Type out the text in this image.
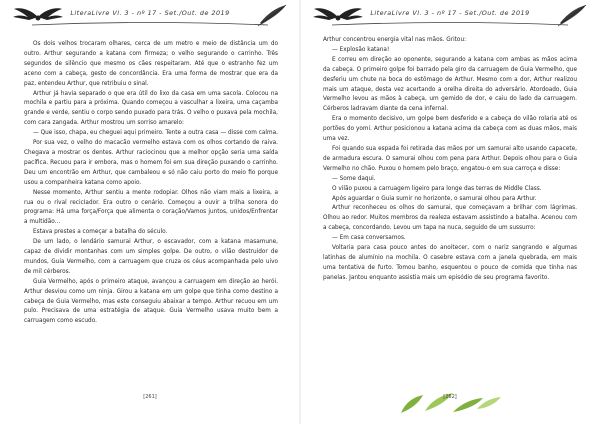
LiteraLivre Vl. 3 - nº 17 - Set./Out. de 2019

Os dois velhos trocaram olhares, cerca de um metro e meio de distância um do outro. Arthur segurando a katana com firmeza; o velho segurando o carrinho. Três segundos de silêncio que mesmo os cães respeitaram. Até que o estranho fez um aceno com a cabeça, gesto de concordância. Era uma forma de mostrar que era da paz, entendeu Arthur, que retribuiu o sinal.

Arthur já havia separado o que era útil do lixo da casa em uma sacola. Colocou na mochila e partiu para a próxima. Quando começou a vasculhar a lixeira, uma caçamba grande e verde, sentiu o corpo sendo puxado para trás. O velho o puxava pela mochila, com cara zangada. Arthur mostrou um sorriso amarelo:

— Que isso, chapa, eu cheguei aqui primeiro. Tente a outra casa — disse com calma.

Por sua vez, o velho do macacão vermelho estava com os olhos cortando de raiva. Chegava a mostrar os dentes. Arthur raciocinou que a melhor opção seria uma saída pacífica. Recuou para ir embora, mas o homem foi em sua direção puxando o carrinho. Deu um encontrão em Arthur, que cambaleou e só não caiu porto do meio fio porque usou a companheira katana como apoio.

Nesse momento, Arthur sentiu a mente rodopiar. Olhos não viam mais a lixeira, a rua ou o rival recicIador. Era outro o cenário. Começou a ouvir a trilha sonora do programa: Há uma força/Força que alimenta o coração/Vamos juntos, unidos/Enfrentar a multidão…

Estava prestes a começar a batalha do século.

De um lado, o lendário samurai Arthur, o escavador, com a katana masamune, capaz de dividir montanhas com um simples golpe. De outro, o vilão destruidor de mundos, Guia Vermelho, com a carruagem que cruza os céus acompanhada pelo uivo de mil cérberos.

Guia Vermelho, após o primeiro ataque, avançou a carruagem em direção ao herói. Arthur desviou como um ninja. Girou a katana em um golpe que tinha como destino a cabeça de Guia Vermelho, mas este conseguiu abaixar a tempo. Arthur recuou em um pulo. Precisava de uma estratégia de ataque. Guia Vermelho usava muito bem a carruagem como escudo.

[261]
LiteraLivre Vl. 3 - nº 17 - Set./Out. de 2019

Arthur concentrou energia vital nas mãos. Gritou:

— Explosão katana!

E correu em direção ao oponente, segurando a katana com ambas as mãos acima da cabeça. O primeiro golpe foi barrado pela giro da carruagem de Guia Vermelho, que desferiu um chute na boca do estômago de Arthur. Mesmo com a dor, Arthur realizou mais um ataque, desta vez acertando a orelha direita do adversário. Atordoado, Guia Vermelho levou as mãos à cabeça, um gemido de dor, e caiu do lado da carruagem. Cérberos ladravam diante da cena infernal.

Era o momento decisivo, um golpe bem desferido e a cabeça do vilão rolaria até os portões do yomi. Arthur posicionou a katana acima da cabeça com as duas mãos, mais uma vez.

Foi quando sua espada foi retirada das mãos por um samurai alto usando capacete, de armadura escura. O samurai olhou com pena para Arthur. Depois olhou para o Guia Vermelho no chão. Puxou o homem pelo braço, engatou-o em sua carroça e disse:

— Some daqui.

O vilão puxou a carruagem ligeiro para longe das terras de Middle Class.

Após aguardar o Guia sumir no horizonte, o samurai olhou para Arthur.

Arthur reconheceu os olhos do samurai, que começavam a brilhar com lágrimas. Olhou ao redor. Muitos membros da realeza estavam assistindo a batalha. Acenou com a cabeça, concordando. Levou um tapa na nuca, seguido de um sussurro:

— Em casa conversamos.

Voltaria para casa pouco antes do anoitecer, com o nariz sangrando e algumas latinhas de alumínio na mochila. O casebre estava com a janela quebrada, em mais uma tentativa de furto. Tomou banho, esquentou o pouco de comida que tinha nas panelas. Jantou enquanto assistia mais um episódio de seu programa favorito.

[262]
